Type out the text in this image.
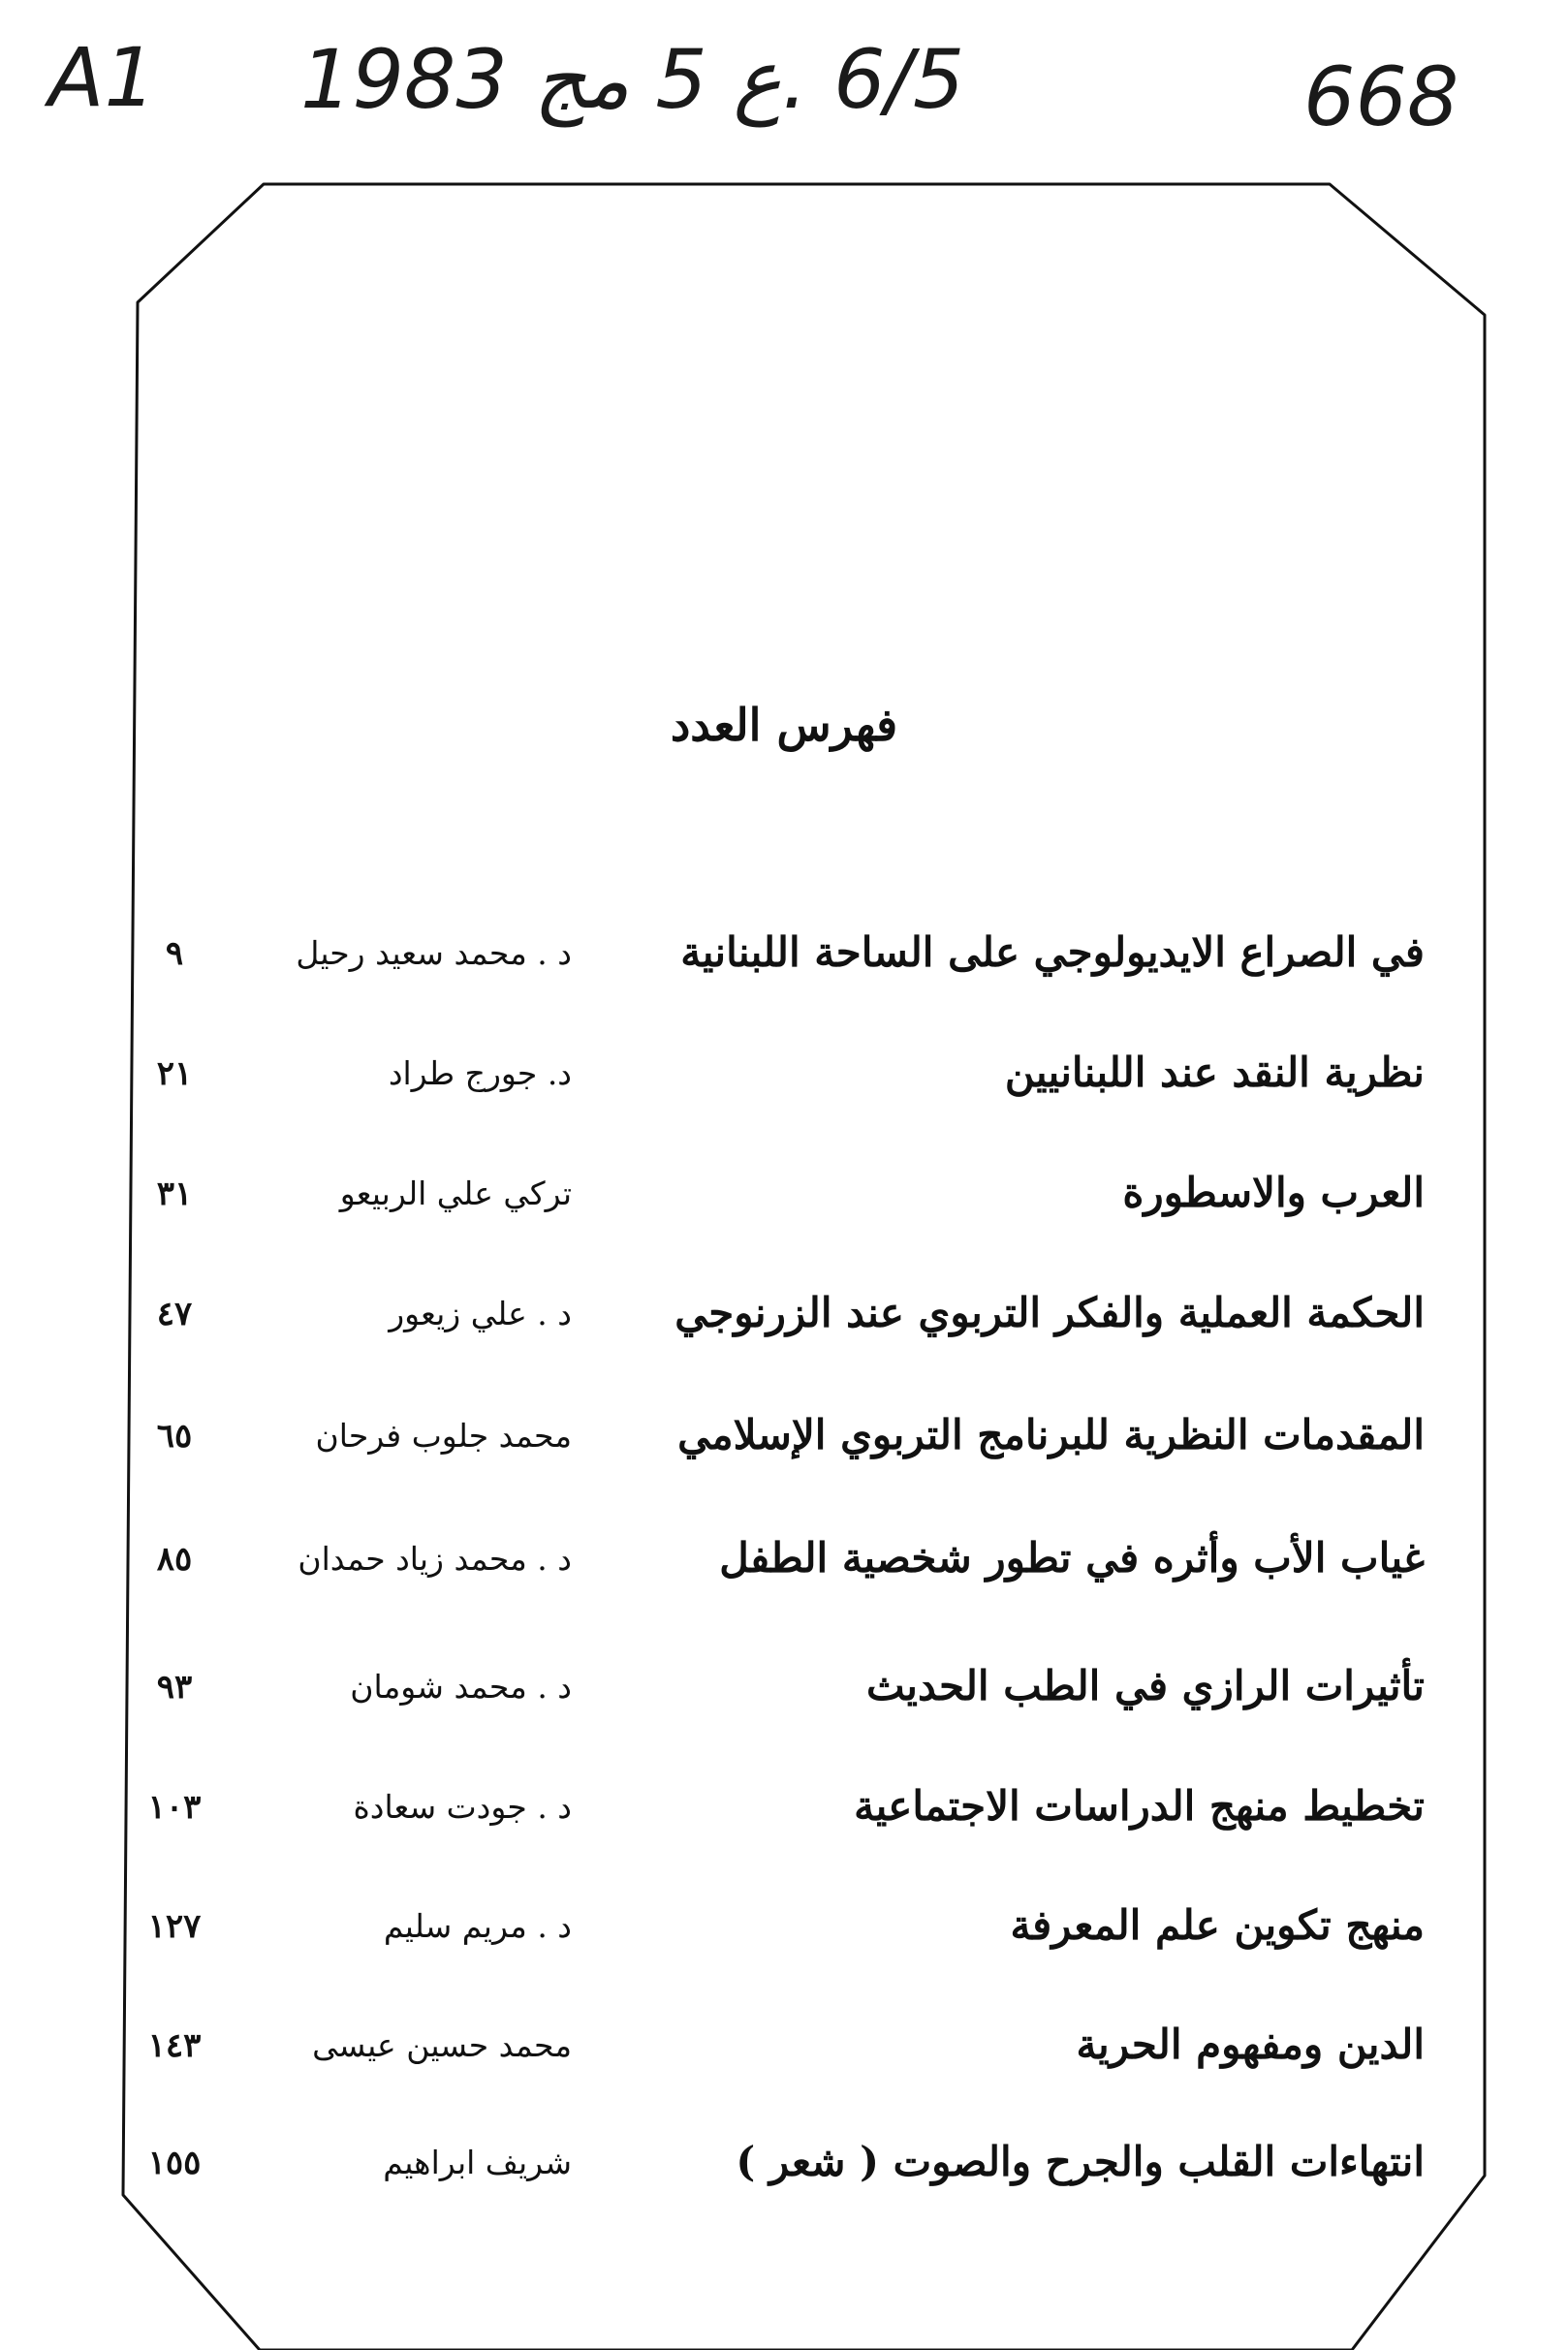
A1 6/5 .ع 5 مج 1983	668
فهرس العدد
في الصراع الايديولوجي على الساحة اللبنانية
د . محمد سعيد رحيل
٩
نظرية النقد عند اللبنانيين
د. جورج طراد
٢١
العرب والاسطورة
تركي علي الربيعو
٣١
الحكمة العملية والفكر التربوي عند الزرنوجي
د . علي زيعور
٤٧
المقدمات النظرية للبرنامج التربوي الإسلامي
محمد جلوب فرحان
٦٥
غياب الأب وأثره في تطور شخصية الطفل
د . محمد زياد حمدان
٨٥
تأثيرات الرازي في الطب الحديث
د . محمد شومان
٩٣
تخطيط منهج الدراسات الاجتماعية
د . جودت سعادة
١٠٣
منهج تكوين علم المعرفة
د . مريم سليم
١٢٧
الدين ومفهوم الحرية
محمد حسين عيسى
١٤٣
انتهاءات القلب والجرح والصوت ( شعر )
شريف ابراهيم
١٥٥
